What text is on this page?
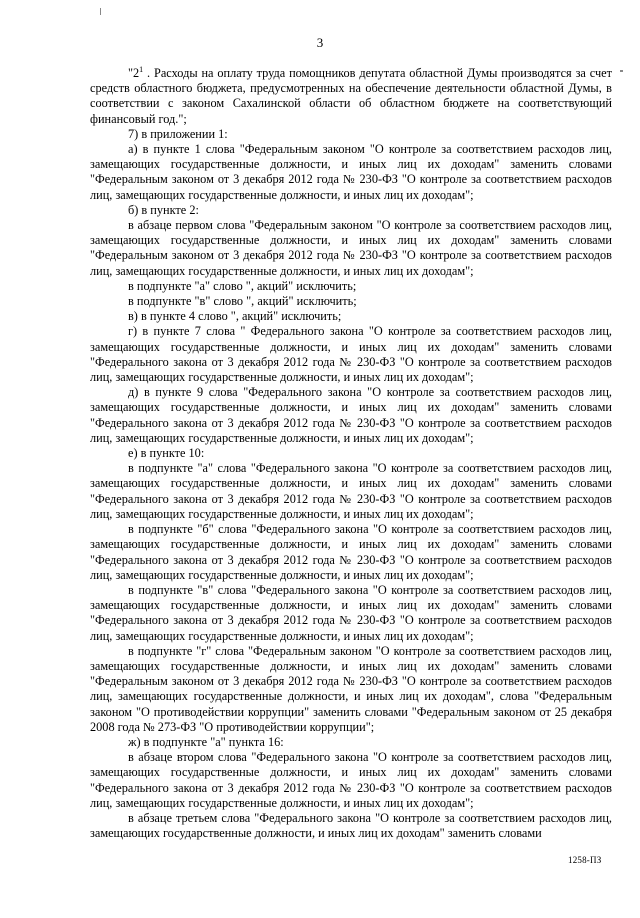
3

"$2^1$ . Расходы на оплату труда помощников депутата областной Думы производятся за счет средств областного бюджета, предусмотренных на обеспечение деятельности областной Думы, в соответствии с законом Сахалинской области об областном бюджете на соответствующий финансовый год.";

7) в приложении 1:

а) в пункте 1 слова "Федеральным законом "О контроле за соответствием расходов лиц, замещающих государственные должности, и иных лиц их доходам" заменить словами "Федеральным законом от 3 декабря 2012 года № 230-ФЗ "О контроле за соответствием расходов лиц, замещающих государственные должности, и иных лиц их доходам";

б) в пункте 2:

в абзаце первом слова "Федеральным законом "О контроле за соответствием расходов лиц, замещающих государственные должности, и иных лиц их доходам" заменить словами "Федеральным законом от 3 декабря 2012 года № 230-ФЗ "О контроле за соответствием расходов лиц, замещающих государственные должности, и иных лиц их доходам";

в подпункте "а" слово ", акций" исключить;

в подпункте "в" слово ", акций" исключить;

в) в пункте 4 слово ", акций" исключить;

г) в пункте 7 слова " Федерального закона "О контроле за соответствием расходов лиц, замещающих государственные должности, и иных лиц их доходам" заменить словами "Федерального закона от 3 декабря 2012 года № 230-ФЗ "О контроле за соответствием расходов лиц, замещающих государственные должности, и иных лиц их доходам";

д) в пункте 9 слова "Федерального закона "О контроле за соответствием расходов лиц, замещающих государственные должности, и иных лиц их доходам" заменить словами "Федерального закона от 3 декабря 2012 года № 230-ФЗ "О контроле за соответствием расходов лиц, замещающих государственные должности, и иных лиц их доходам";

е) в пункте 10:

в подпункте "а" слова "Федерального закона "О контроле за соответствием расходов лиц, замещающих государственные должности, и иных лиц их доходам" заменить словами "Федерального закона от 3 декабря 2012 года № 230-ФЗ "О контроле за соответствием расходов лиц, замещающих государственные должности, и иных лиц их доходам";

в подпункте "б" слова "Федерального закона "О контроле за соответствием расходов лиц, замещающих государственные должности, и иных лиц их доходам" заменить словами "Федерального закона от 3 декабря 2012 года № 230-ФЗ "О контроле за соответствием расходов лиц, замещающих государственные должности, и иных лиц их доходам";

в подпункте "в" слова "Федерального закона "О контроле за соответствием расходов лиц, замещающих государственные должности, и иных лиц их доходам" заменить словами "Федерального закона от 3 декабря 2012 года № 230-ФЗ "О контроле за соответствием расходов лиц, замещающих государственные должности, и иных лиц их доходам";

в подпункте "г" слова "Федеральным законом "О контроле за соответствием расходов лиц, замещающих государственные должности, и иных лиц их доходам" заменить словами "Федеральным законом от 3 декабря 2012 года № 230-ФЗ "О контроле за соответствием расходов лиц, замещающих государственные должности, и иных лиц их доходам", слова "Федеральным законом "О противодействии коррупции" заменить словами "Федеральным законом от 25 декабря 2008 года № 273-ФЗ "О противодействии коррупции";

ж) в подпункте "а" пункта 16:

в абзаце втором слова "Федерального закона "О контроле за соответствием расходов лиц, замещающих государственные должности, и иных лиц их доходам" заменить словами "Федерального закона от 3 декабря 2012 года № 230-ФЗ "О контроле за соответствием расходов лиц, замещающих государственные должности, и иных лиц их доходам";

в абзаце третьем слова "Федерального закона "О контроле за соответствием расходов лиц, замещающих государственные должности, и иных лиц их доходам" заменить словами

1258-ПЗ
